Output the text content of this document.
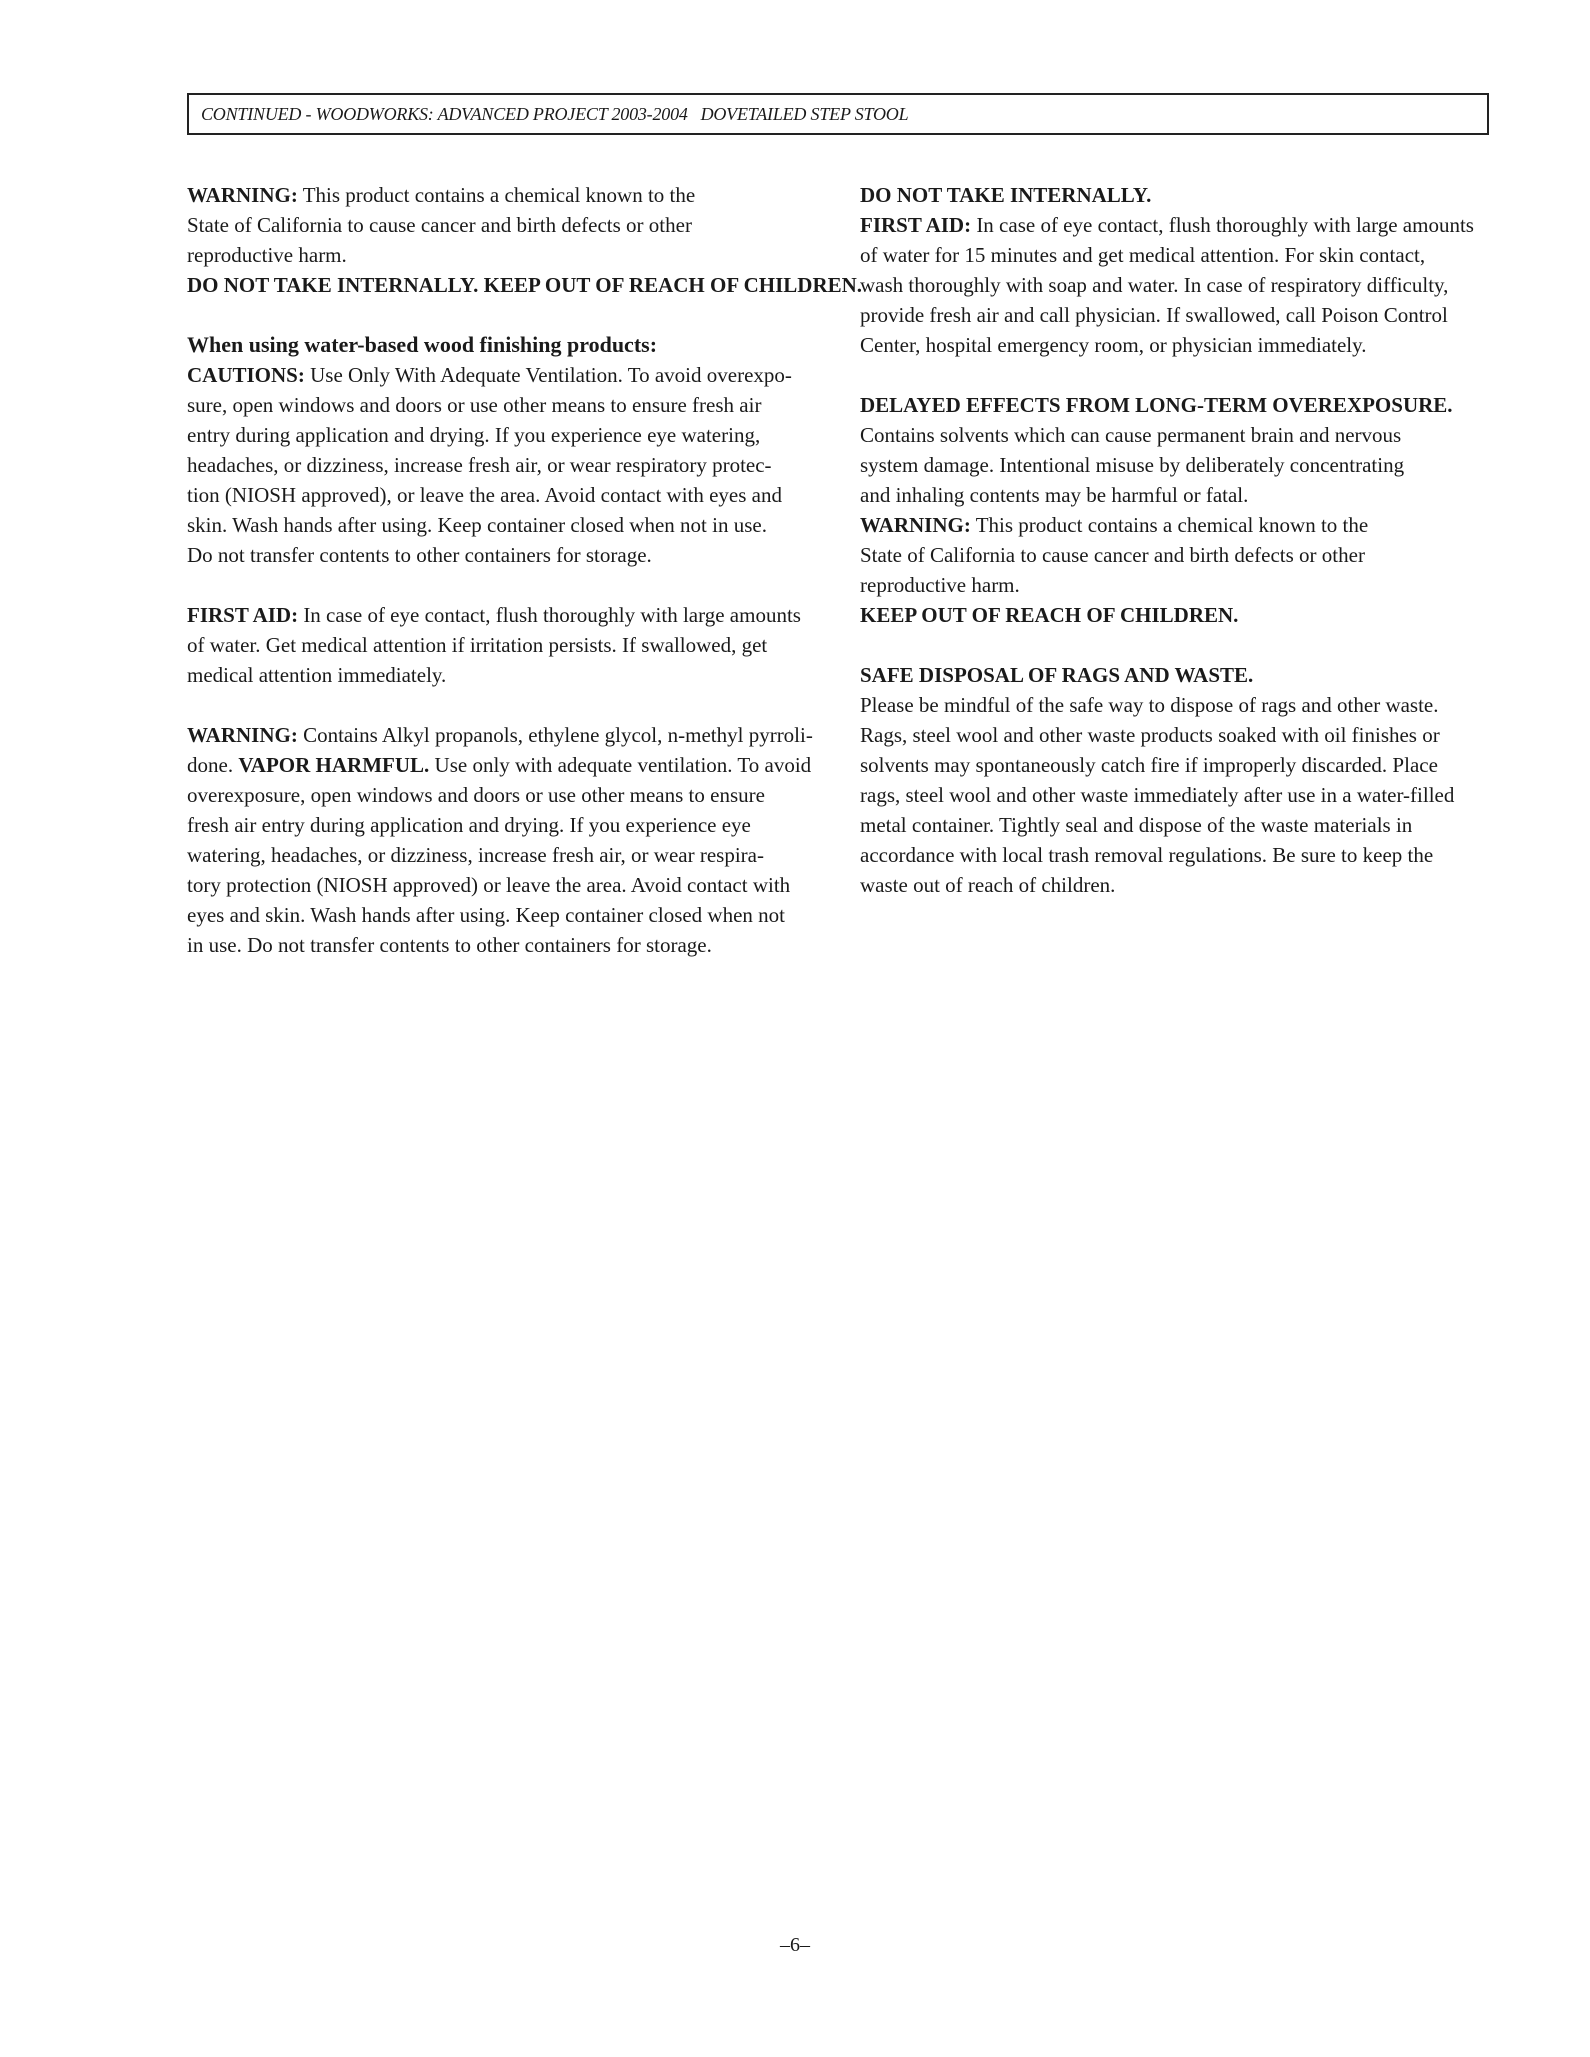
CONTINUED - WOODWORKS: ADVANCED PROJECT 2003-2004   DOVETAILED STEP STOOL
WARNING: This product contains a chemical known to the
State of California to cause cancer and birth defects or other
reproductive harm.
DO NOT TAKE INTERNALLY. KEEP OUT OF REACH OF CHILDREN.
When using water-based wood finishing products:
CAUTIONS: Use Only With Adequate Ventilation. To avoid overexpo-
sure, open windows and doors or use other means to ensure fresh air
entry during application and drying. If you experience eye watering,
headaches, or dizziness, increase fresh air, or wear respiratory protec-
tion (NIOSH approved), or leave the area. Avoid contact with eyes and
skin. Wash hands after using. Keep container closed when not in use.
Do not transfer contents to other containers for storage.
FIRST AID: In case of eye contact, flush thoroughly with large amounts
of water. Get medical attention if irritation persists. If swallowed, get
medical attention immediately.
WARNING: Contains Alkyl propanols, ethylene glycol, n-methyl pyrroli-
done. VAPOR HARMFUL. Use only with adequate ventilation. To avoid
overexposure, open windows and doors or use other means to ensure
fresh air entry during application and drying. If you experience eye
watering, headaches, or dizziness, increase fresh air, or wear respira-
tory protection (NIOSH approved) or leave the area. Avoid contact with
eyes and skin. Wash hands after using. Keep container closed when not
in use. Do not transfer contents to other containers for storage.
DO NOT TAKE INTERNALLY.
FIRST AID: In case of eye contact, flush thoroughly with large amounts
of water for 15 minutes and get medical attention. For skin contact,
wash thoroughly with soap and water. In case of respiratory difficulty,
provide fresh air and call physician. If swallowed, call Poison Control
Center, hospital emergency room, or physician immediately.
DELAYED EFFECTS FROM LONG-TERM OVEREXPOSURE.
Contains solvents which can cause permanent brain and nervous
system damage. Intentional misuse by deliberately concentrating
and inhaling contents may be harmful or fatal.
WARNING: This product contains a chemical known to the
State of California to cause cancer and birth defects or other
reproductive harm.
KEEP OUT OF REACH OF CHILDREN.
SAFE DISPOSAL OF RAGS AND WASTE.
Please be mindful of the safe way to dispose of rags and other waste.
Rags, steel wool and other waste products soaked with oil finishes or
solvents may spontaneously catch fire if improperly discarded. Place
rags, steel wool and other waste immediately after use in a water-filled
metal container. Tightly seal and dispose of the waste materials in
accordance with local trash removal regulations. Be sure to keep the
waste out of reach of children.
–6–
